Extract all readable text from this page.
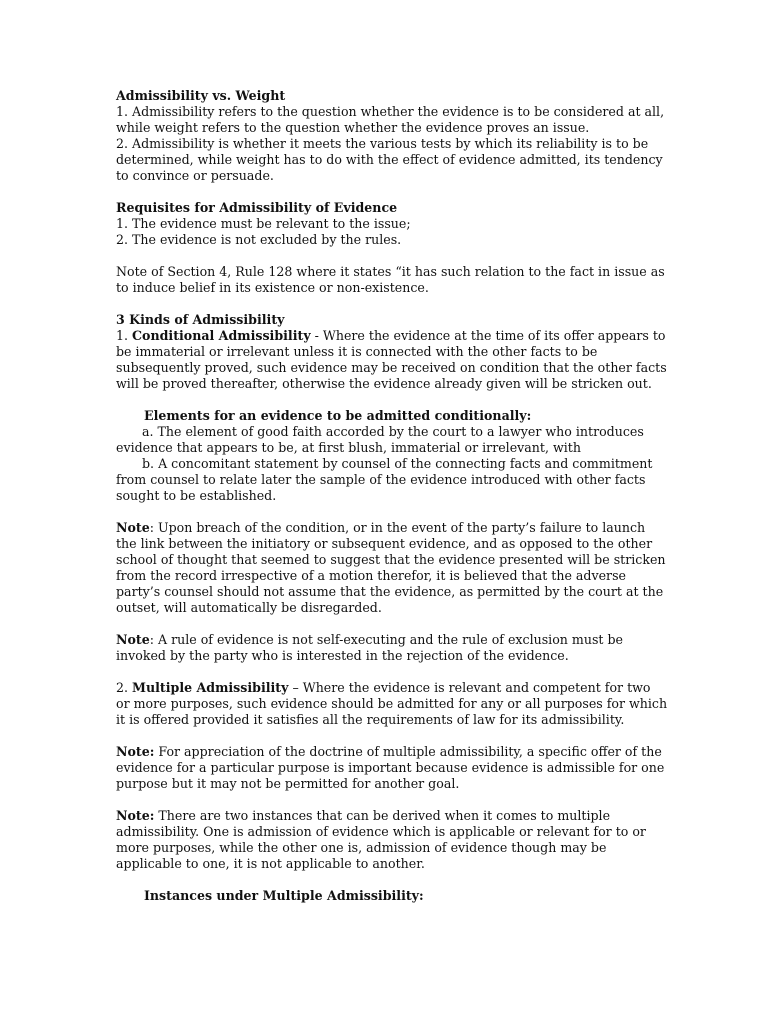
Admissibility vs. Weight

1. Admissibility refers to the question whether the evidence is to be considered at all, while weight refers to the question whether the evidence proves an issue.

2. Admissibility is whether it meets the various tests by which its reliability is to be determined, while weight has to do with the effect of evidence admitted, its tendency to convince or persuade.

Requisites for Admissibility of Evidence

1. The evidence must be relevant to the issue;

2. The evidence is not excluded by the rules.

Note of Section 4, Rule 128 where it states “it has such relation to the fact in issue as to induce belief in its existence or non-existence.

3 Kinds of Admissibility

1. Conditional Admissibility - Where the evidence at the time of its offer appears to be immaterial or irrelevant unless it is connected with the other facts to be subsequently proved, such evidence may be received on condition that the other facts will be proved thereafter, otherwise the evidence already given will be stricken out.

Elements for an evidence to be admitted conditionally:

a. The element of good faith accorded by the court to a lawyer who introduces evidence that appears to be, at first blush, immaterial or irrelevant, with

b. A concomitant statement by counsel of the connecting facts and commitment from counsel to relate later the sample of the evidence introduced with other facts sought to be established.

Note: Upon breach of the condition, or in the event of the party’s failure to launch the link between the initiatory or subsequent evidence, and as opposed to the other school of thought that seemed to suggest that the evidence presented will be stricken from the record irrespective of a motion therefor, it is believed that the adverse party’s counsel should not assume that the evidence, as permitted by the court at the outset, will automatically be disregarded.

Note: A rule of evidence is not self-executing and the rule of exclusion must be invoked by the party who is interested in the rejection of the evidence.

2. Multiple Admissibility – Where the evidence is relevant and competent for two or more purposes, such evidence should be admitted for any or all purposes for which it is offered provided it satisfies all the requirements of law for its admissibility.

Note: For appreciation of the doctrine of multiple admissibility, a specific offer of the evidence for a particular purpose is important because evidence is admissible for one purpose but it may not be permitted for another goal.

Note: There are two instances that can be derived when it comes to multiple admissibility. One is admission of evidence which is applicable or relevant for to or more purposes, while the other one is, admission of evidence though may be applicable to one, it is not applicable to another.

Instances under Multiple Admissibility:
